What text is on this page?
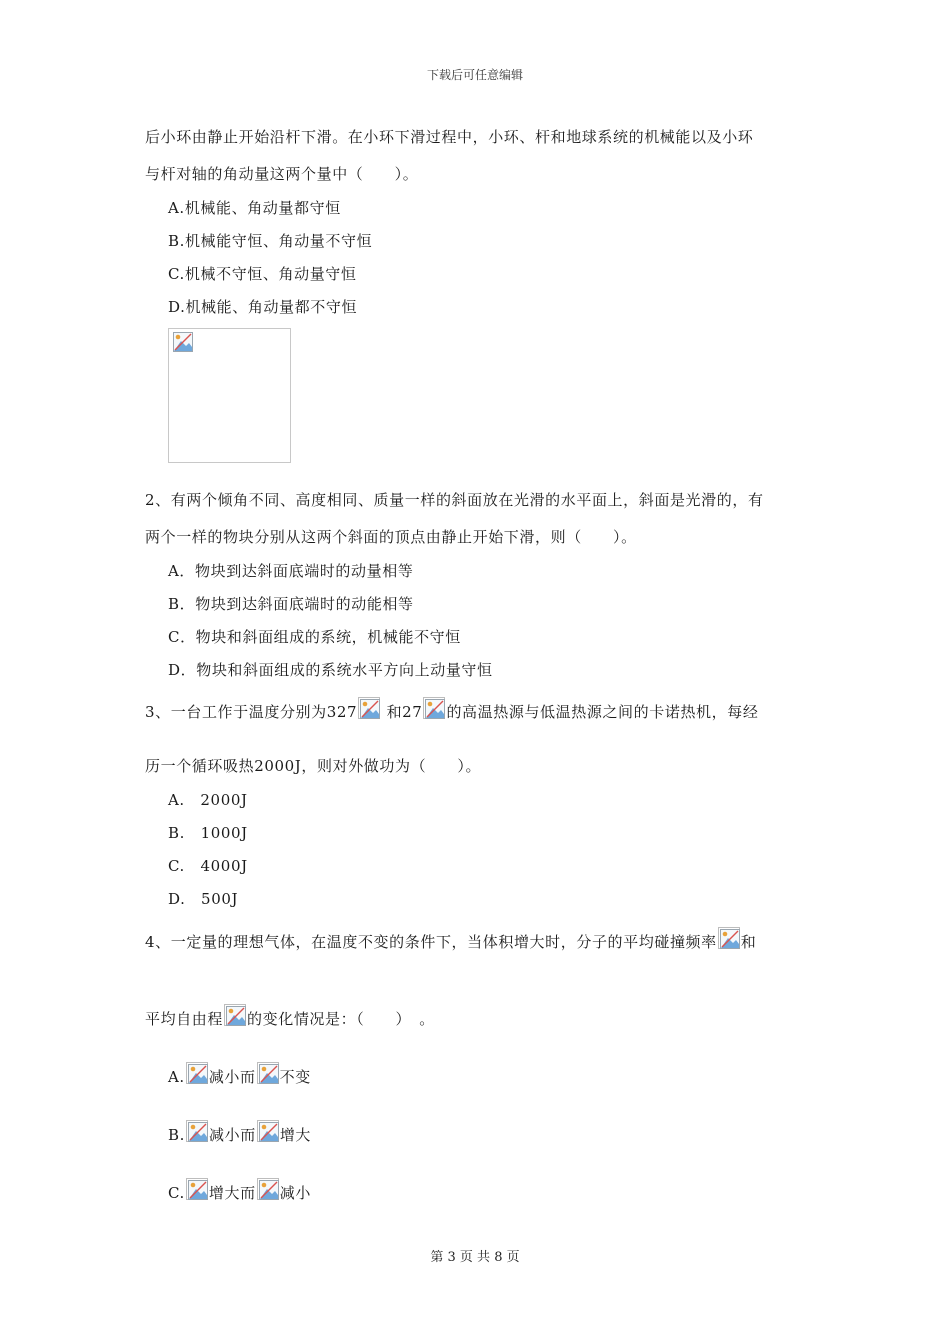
下载后可任意编辑
后小环由静止开始沿杆下滑。在小环下滑过程中，小环、杆和地球系统的机械能以及小环
与杆对轴的角动量这两个量中（　　）。
A.机械能、角动量都守恒
B.机械能守恒、角动量不守恒
C.机械不守恒、角动量守恒
D.机械能、角动量都不守恒
2、有两个倾角不同、高度相同、质量一样的斜面放在光滑的水平面上，斜面是光滑的，有
两个一样的物块分别从这两个斜面的顶点由静止开始下滑，则（　　）。
A．物块到达斜面底端时的动量相等
B．物块到达斜面底端时的动能相等
C．物块和斜面组成的系统，机械能不守恒
D．物块和斜面组成的系统水平方向上动量守恒
3、一台工作于温度分别为327 和27 的高温热源与低温热源之间的卡诺热机，每经
历一个循环吸热2000J，则对外做功为（　　）。
A.　2000J
B.　1000J
C.　4000J
D.　500J
4、一定量的理想气体，在温度不变的条件下，当体积增大时，分子的平均碰撞频率 和
平均自由程 的变化情况是：（　　）　。
A. 减小而 不变
B. 减小而 增大
C. 增大而 减小
第 3 页 共 8 页
